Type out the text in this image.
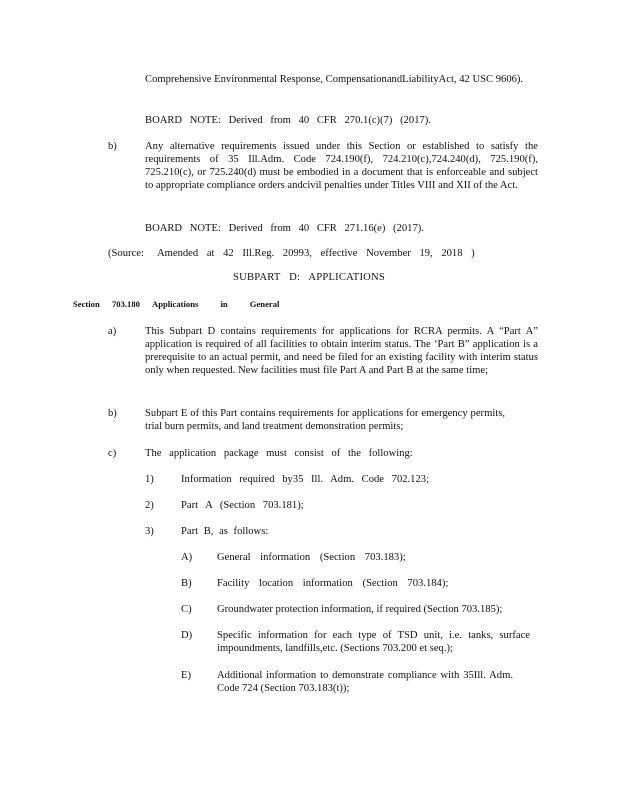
Comprehensive Environmental Response, CompensationandLiabilityAct, 42 USC 9606).

BOARD NOTE: Derived from 40 CFR 270.1(c)(7) (2017).

b)	Any alternative requirements issued under this Section or established to satisfy the requirements of 35 Ill.Adm. Code 724.190(f), 724.210(c),724.240(d), 725.190(f), 725.210(c), or 725.240(d) must be embodied in a document that is enforceable and subject to appropriate compliance orders andcivil penalties under Titles VIII and XII of the Act.

BOARD NOTE: Derived from 40 CFR 271.16(e) (2017).

(Source: Amended at 42 Ill.Reg. 20993, effective November 19, 2018 )

SUBPART D: APPLICATIONS
Section 703.180 Applications in General
a)	This Subpart D contains requirements for applications for RCRA permits. A “Part A” application is required of all facilities to obtain interim status. The ‘Part B” application is a prerequisite to an actual permit, and need be filed for an existing facility with interim status only when requested. New facilities must file Part A and Part B at the same time;

b)	Subpart E of this Part contains requirements for applications for emergency permits, trial burn permits, and land treatment demonstration permits;

c)	The application package must consist of the following:

1)	Information required by35 Ill. Adm. Code 702.123;

2)	Part A (Section 703.181);

3)	Part B, as follows:

A) General information (Section 703.183);

B) Facility location information (Section 703.184);

C) Groundwater protection information, if required (Section 703.185);

D) Specific information for each type of TSD unit, i.e. tanks, surface impoundments, landfills,etc. (Sections 703.200 et seq.);

E) Additional information to demonstrate compliance with 35Ill. Adm. Code 724 (Section 703.183(t));
